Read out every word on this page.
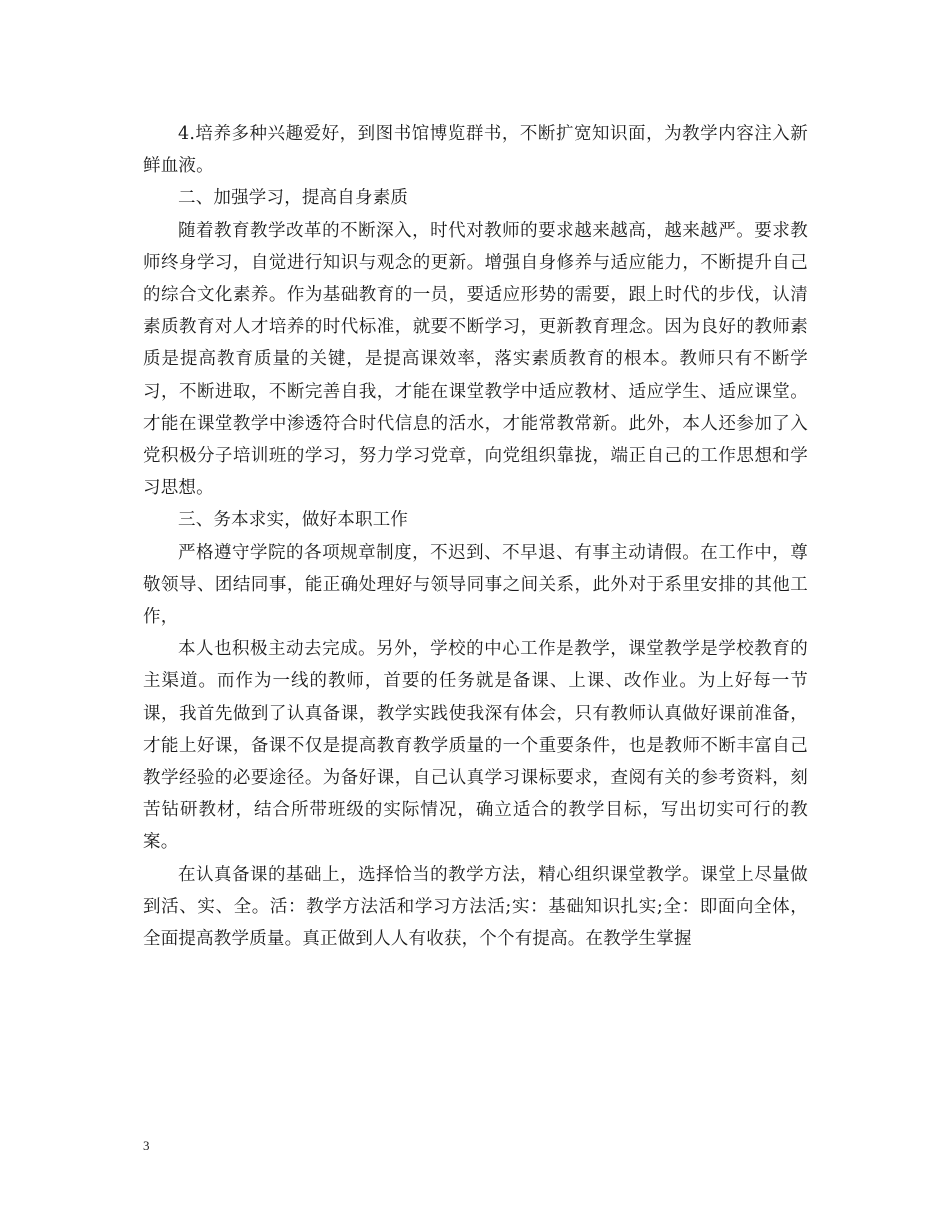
4.培养多种兴趣爱好，到图书馆博览群书，不断扩宽知识面，为教学内容注入新鲜血液。

二、加强学习，提高自身素质

随着教育教学改革的不断深入，时代对教师的要求越来越高，越来越严。要求教师终身学习，自觉进行知识与观念的更新。增强自身修养与适应能力，不断提升自己的综合文化素养。作为基础教育的一员，要适应形势的需要，跟上时代的步伐，认清素质教育对人才培养的时代标准，就要不断学习，更新教育理念。因为良好的教师素质是提高教育质量的关键，是提高课效率，落实素质教育的根本。教师只有不断学习，不断进取，不断完善自我，才能在课堂教学中适应教材、适应学生、适应课堂。才能在课堂教学中渗透符合时代信息的活水，才能常教常新。此外，本人还参加了入党积极分子培训班的学习，努力学习党章，向党组织靠拢，端正自己的工作思想和学习思想。

三、务本求实，做好本职工作

严格遵守学院的各项规章制度，不迟到、不早退、有事主动请假。在工作中，尊敬领导、团结同事，能正确处理好与领导同事之间关系，此外对于系里安排的其他工作，

本人也积极主动去完成。另外，学校的中心工作是教学，课堂教学是学校教育的主渠道。而作为一线的教师，首要的任务就是备课、上课、改作业。为上好每一节课，我首先做到了认真备课，教学实践使我深有体会，只有教师认真做好课前准备，才能上好课，备课不仅是提高教育教学质量的一个重要条件，也是教师不断丰富自己教学经验的必要途径。为备好课，自己认真学习课标要求，查阅有关的参考资料，刻苦钻研教材，结合所带班级的实际情况，确立适合的教学目标，写出切实可行的教案。

在认真备课的基础上，选择恰当的教学方法，精心组织课堂教学。课堂上尽量做到活、实、全。活：教学方法活和学习方法活;实：基础知识扎实;全：即面向全体，全面提高教学质量。真正做到人人有收获，个个有提高。在教学生掌握

3
